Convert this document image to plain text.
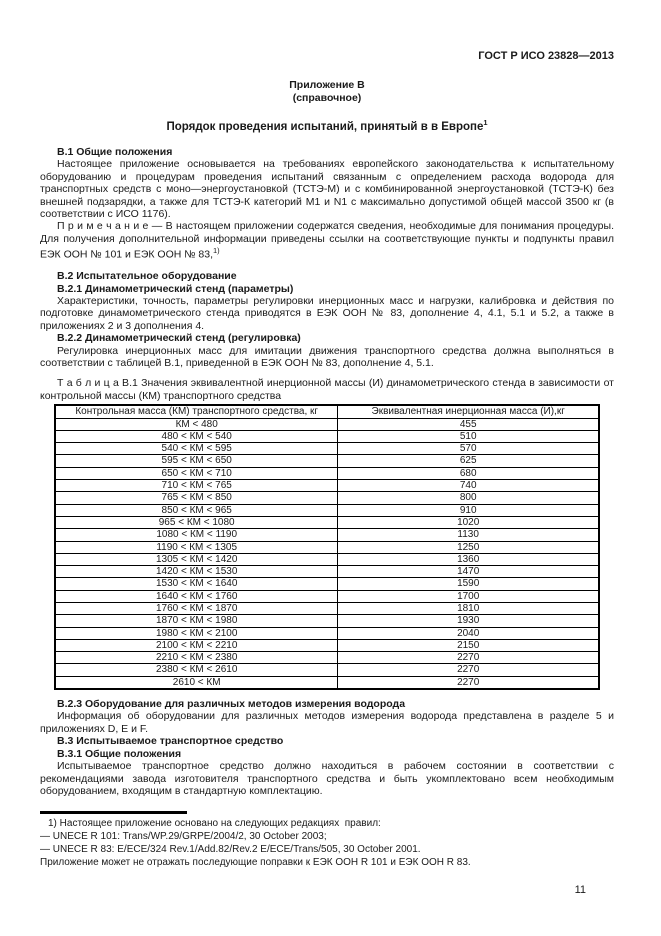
ГОСТ Р ИСО 23828—2013
Приложение В
(справочное)
Порядок проведения испытаний, принятый в в Европе$^1$
В.1 Общие положения

Настоящее приложение основывается на требованиях европейского законодательства к испытательному оборудованию и процедурам проведения испытаний связанным с определением расхода водорода для транспортных средств с моно—энергоустановкой (ТСТЭ-М) и с комбинированной энергоустановкой (ТСТЭ-К) без внешней подзарядки, а также для ТСТЭ-К категорий М1 и N1 с максимально допустимой общей массой 3500 кг (в соответствии с ИСО 1176).

П р и м е ч а н и е — В настоящем приложении содержатся сведения, необходимые для понимания процедуры. Для получения дополнительной информации приведены ссылки на соответствующие пункты и подпункты правил ЕЭК ООН № 101 и ЕЭК ООН № 83,$^{1)}$

В.2 Испытательное оборудование
В.2.1 Динамометрический стенд (параметры)

Характеристики, точность, параметры регулировки инерционных масс и нагрузки, калибровка и действия по подготовке динамометрического стенда приводятся в ЕЭК ООН № 83, дополнение 4, 4.1, 5.1 и 5.2, а также в приложениях 2 и 3 дополнения 4.

В.2.2 Динамометрический стенд (регулировка)

Регулировка инерционных масс для имитации движения транспортного средства должна выполняться в соответствии с таблицей В.1, приведенной в ЕЭК ООН № 83, дополнение 4, 5.1.

Т а б л и ц а В.1 Значения эквивалентной инерционной массы (И) динамометрического стенда в зависимости от контрольной массы (КМ) транспортного средства
Контрольная масса (КМ) транспортного средства, кг	Эквивалентная инерционная масса (И),кг
КМ < 480	455
480 < КМ < 540	510
540 < КМ < 595	570
595 < КМ < 650	625
650 < КМ < 710	680
710 < КМ < 765	740
765 < КМ < 850	800
850 < КМ < 965	910
965 < КМ < 1080	1020
1080 < КМ < 1190	1130
1190 < КМ < 1305	1250
1305 < КМ < 1420	1360
1420 < КМ < 1530	1470
1530 < КМ < 1640	1590
1640 < КМ < 1760	1700
1760 < КМ < 1870	1810
1870 < КМ < 1980	1930
1980 < КМ < 2100	2040
2100 < КМ < 2210	2150
2210 < КМ < 2380	2270
2380 < КМ < 2610	2270
2610 < КМ	2270
В.2.3 Оборудование для различных методов измерения водорода

Информация об оборудовании для различных методов измерения водорода представлена в разделе 5 и приложениях D, E и F.

В.3 Испытываемое транспортное средство
В.3.1 Общие положения

Испытываемое транспортное средство должно находиться в рабочем состоянии в соответствии с рекомендациями завода изготовителя транспортного средства и быть укомплектовано всем необходимым оборудованием, входящим в стандартную комплектацию.

1) Настоящее приложение основано на следующих редакциях  правил:
— UNECE R 101: Trans/WP.29/GRPE/2004/2, 30 October 2003;
— UNECE R 83: E/ECE/324 Rev.1/Add.82/Rev.2 E/ECE/Trans/505, 30 October 2001.
Приложение может не отражать последующие поправки к ЕЭК ООН R 101 и ЕЭК ООН R 83.
11
